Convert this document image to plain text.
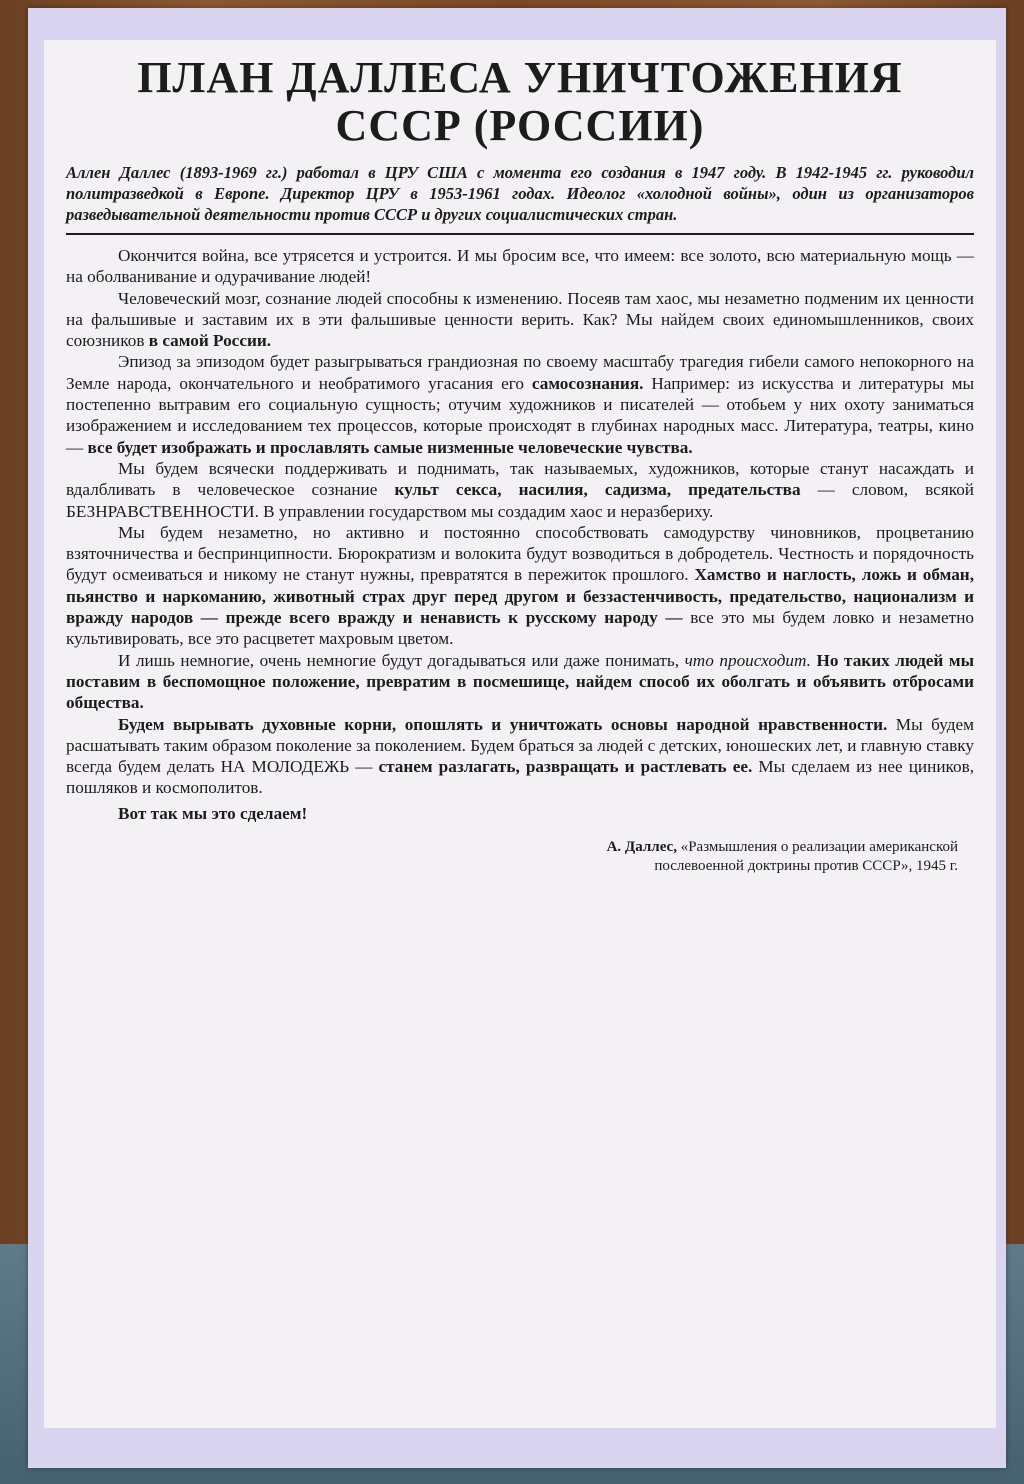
ПЛАН ДАЛЛЕСА УНИЧТОЖЕНИЯ
СССР (РОССИИ)
Аллен Даллес (1893-1969 гг.) работал в ЦРУ США с момента его создания в 1947 году. В 1942-1945 гг. руководил политразведкой в Европе. Директор ЦРУ в 1953-1961 годах. Идеолог «холодной войны», один из организаторов разведывательной деятельности против СССР и других социалистических стран.

Окончится война, все утрясется и устроится. И мы бросим все, что имеем: все золото, всю материальную мощь — на оболванивание и одурачивание людей!

Человеческий мозг, сознание людей способны к изменению. Посеяв там хаос, мы незаметно подменим их ценности на фальшивые и заставим их в эти фальшивые ценности верить. Как? Мы найдем своих единомышленников, своих союзников в самой России.

Эпизод за эпизодом будет разыгрываться грандиозная по своему масштабу трагедия гибели самого непокорного на Земле народа, окончательного и необратимого угасания его самосознания. Например: из искусства и литературы мы постепенно вытравим его социальную сущность; отучим художников и писателей — отобьем у них охоту заниматься изображением и исследованием тех процессов, которые происходят в глубинах народных масс. Литература, театры, кино — все будет изображать и прославлять самые низменные человеческие чувства.

Мы будем всячески поддерживать и поднимать, так называемых, художников, которые станут насаждать и вдалбливать в человеческое сознание культ секса, насилия, садизма, предательства — словом, всякой БЕЗНРАВСТВЕННОСТИ. В управлении государством мы создадим хаос и неразбериху.

Мы будем незаметно, но активно и постоянно способствовать самодурству чиновников, процветанию взяточничества и беспринципности. Бюрократизм и волокита будут возводиться в добродетель. Честность и порядочность будут осмеиваться и никому не станут нужны, превратятся в пережиток прошлого. Хамство и наглость, ложь и обман, пьянство и наркоманию, животный страх друг перед другом и беззастенчивость, предательство, национализм и вражду народов — прежде всего вражду и ненависть к русскому народу — все это мы будем ловко и незаметно культивировать, все это расцветет махровым цветом.

И лишь немногие, очень немногие будут догадываться или даже понимать, что происходит. Но таких людей мы поставим в беспомощное положение, превратим в посмешище, найдем способ их оболгать и объявить отбросами общества.

Будем вырывать духовные корни, опошлять и уничтожать основы народной нравственности. Мы будем расшатывать таким образом поколение за поколением. Будем браться за людей с детских, юношеских лет, и главную ставку всегда будем делать НА МОЛОДЕЖЬ — станем разлагать, развращать и растлевать ее. Мы сделаем из нее циников, пошляков и космополитов.

Вот так мы это сделаем!

А. Даллес, «Размышления о реализации американской
послевоенной доктрины против СССР», 1945 г.
